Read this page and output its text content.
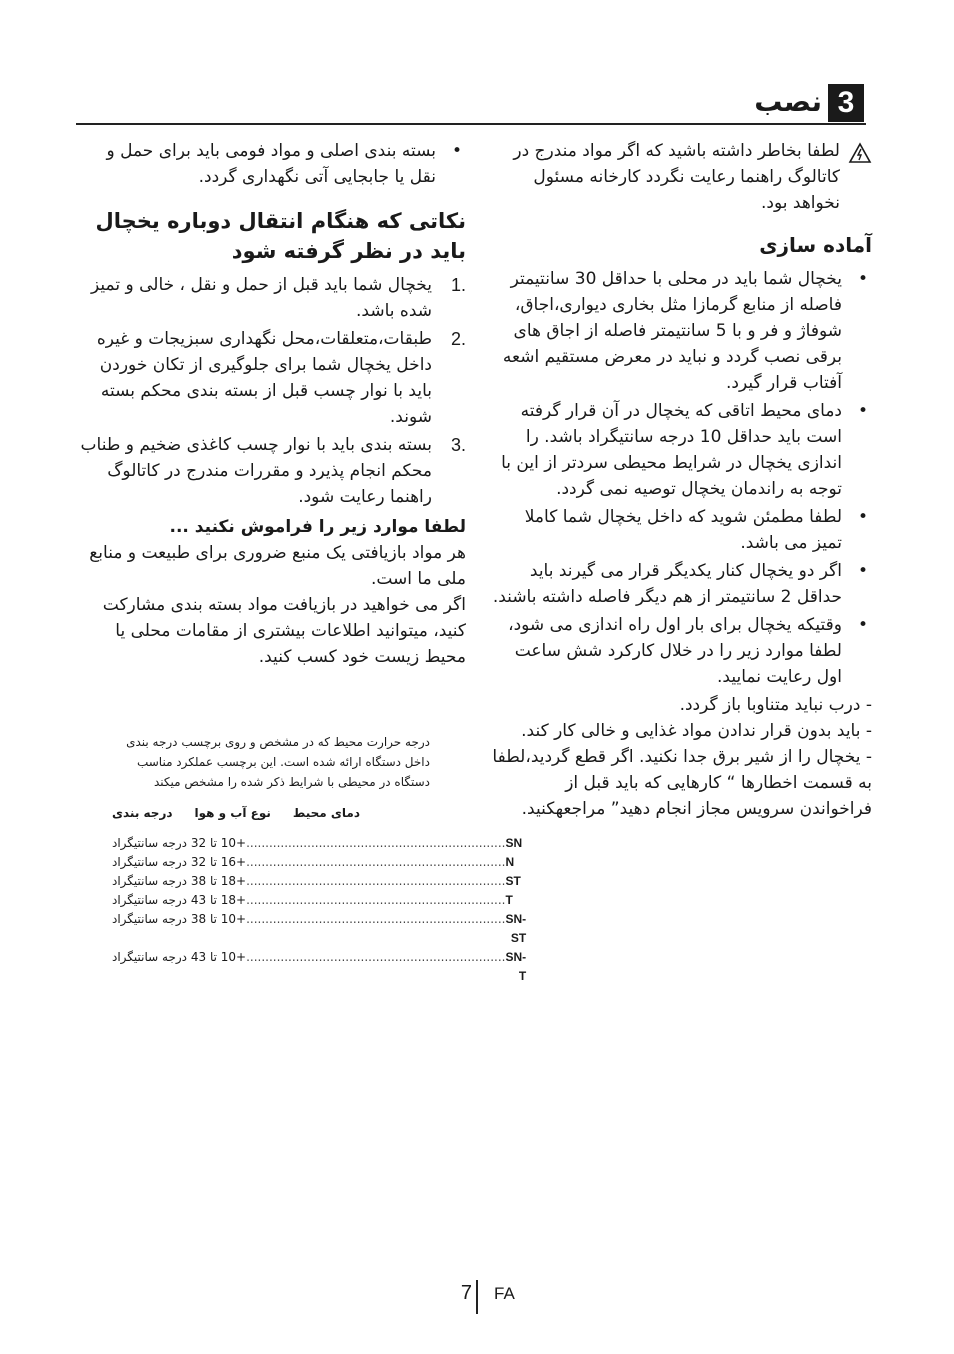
3
نصب

لطفا بخاطر داشته باشید که اگر مواد مندرج در کاتالوگ راهنما رعایت نگردد کارخانه مسئول نخواهد بود.

آمادە سازی
•
یخچال شما باید در محلی با حداقل 30 سانتیمتر فاصله از منابع گرمازا مثل بخاری دیواری،اجاق، شوفاژ و فر و با 5 سانتیمتر فاصله از اجاق های برقی نصب گردد و نباید در معرض مستقیم اشعه آفتاب قرار گیرد.
•
دمای محیط اتاقی که یخچال در آن قرار گرفته است باید حداقل 10 درجه سانتیگراد باشد. را اندازی یخچال در شرایط محیطی سردتر از این با توجه به راندمان یخچال توصیه نمی گردد.
•
لطفا مطمئن شوید که داخل یخچال شما کاملا تمیز می باشد.
•
اگر دو یخچال کنار یکدیگر قرار می گیرند باید حداقل 2 سانتیمتر از هم دیگر فاصله داشته باشند.
•
وقتیکه یخچال برای بار اول راه اندازی می شود، لطفا موارد زیر را در خلال کارکرد شش ساعت اول رعایت نمایید.

- درب نباید متناوبا باز گردد.

- باید بدون قرار ندادن مواد غذایی و خالی کار کند.

- یخچال را از شیر برق جدا نکنید. اگر قطع گردید،لطفا به قسمت اخطارها “ کارهایی که باید قبل از فراخواندن سرویس مجاز انجام دهید” مراجعهکنید.

•
بسته بندی اصلی و مواد فومی باید برای حمل و نقل یا جابجایی آتی نگهداری گردد.
نکاتی که هنگام انتقال دوباره یخچال باید در نظر گرفته شود
1.
یخچال شما باید قبل از حمل و نقل ، خالی و تمیز شده باشد.
2.
طبقات،متعلقات،محل نگهداری سبزیجات و غیره داخل یخچال شما برای جلوگیری از تکان خوردن باید با نوار چسب قبل از بسته بندی محکم بسته شوند.
3.
بسته بندی باید با نوار چسب کاغذی ضخیم و طناب محکم انجام پذیرد و مقررات مندرج در کاتالوگ راهنما رعایت شود.

لطفا موارد زیر را فراموش نکنید ...

هر مواد بازیافتی یک منبع ضروری برای طبیعت و منابع ملی ما است.

اگر می خواهید در بازیافت مواد بسته بندی مشارکت کنید، میتوانید اطلاعات بیشتری از مقامات محلی یا محیط زیست خود کسب کنید.

درجه حرارت محیط که در مشخص و روی برچسب درجه بندی داخل دستگاه ارائه شده است. این برچسب عملکرد مناسب دستگاه در محیطی با شرایط ذکر شده را مشخص میکند

دمای محیط
نوع آب و هوا
درجه بندی
+10 تا 32 درجه سانتیگراد .................................................................... SN
+16 تا 32 درجه سانتیگراد .................................................................... N
+18 تا 38 درجه سانتیگراد .................................................................... ST
+18 تا 43 درجه سانتیگراد .................................................................... T
+10 تا 38 درجه سانتیگراد .................................................................... SN-ST
+10 تا 43 درجه سانتیگراد .................................................................... SN-T
7 FA
